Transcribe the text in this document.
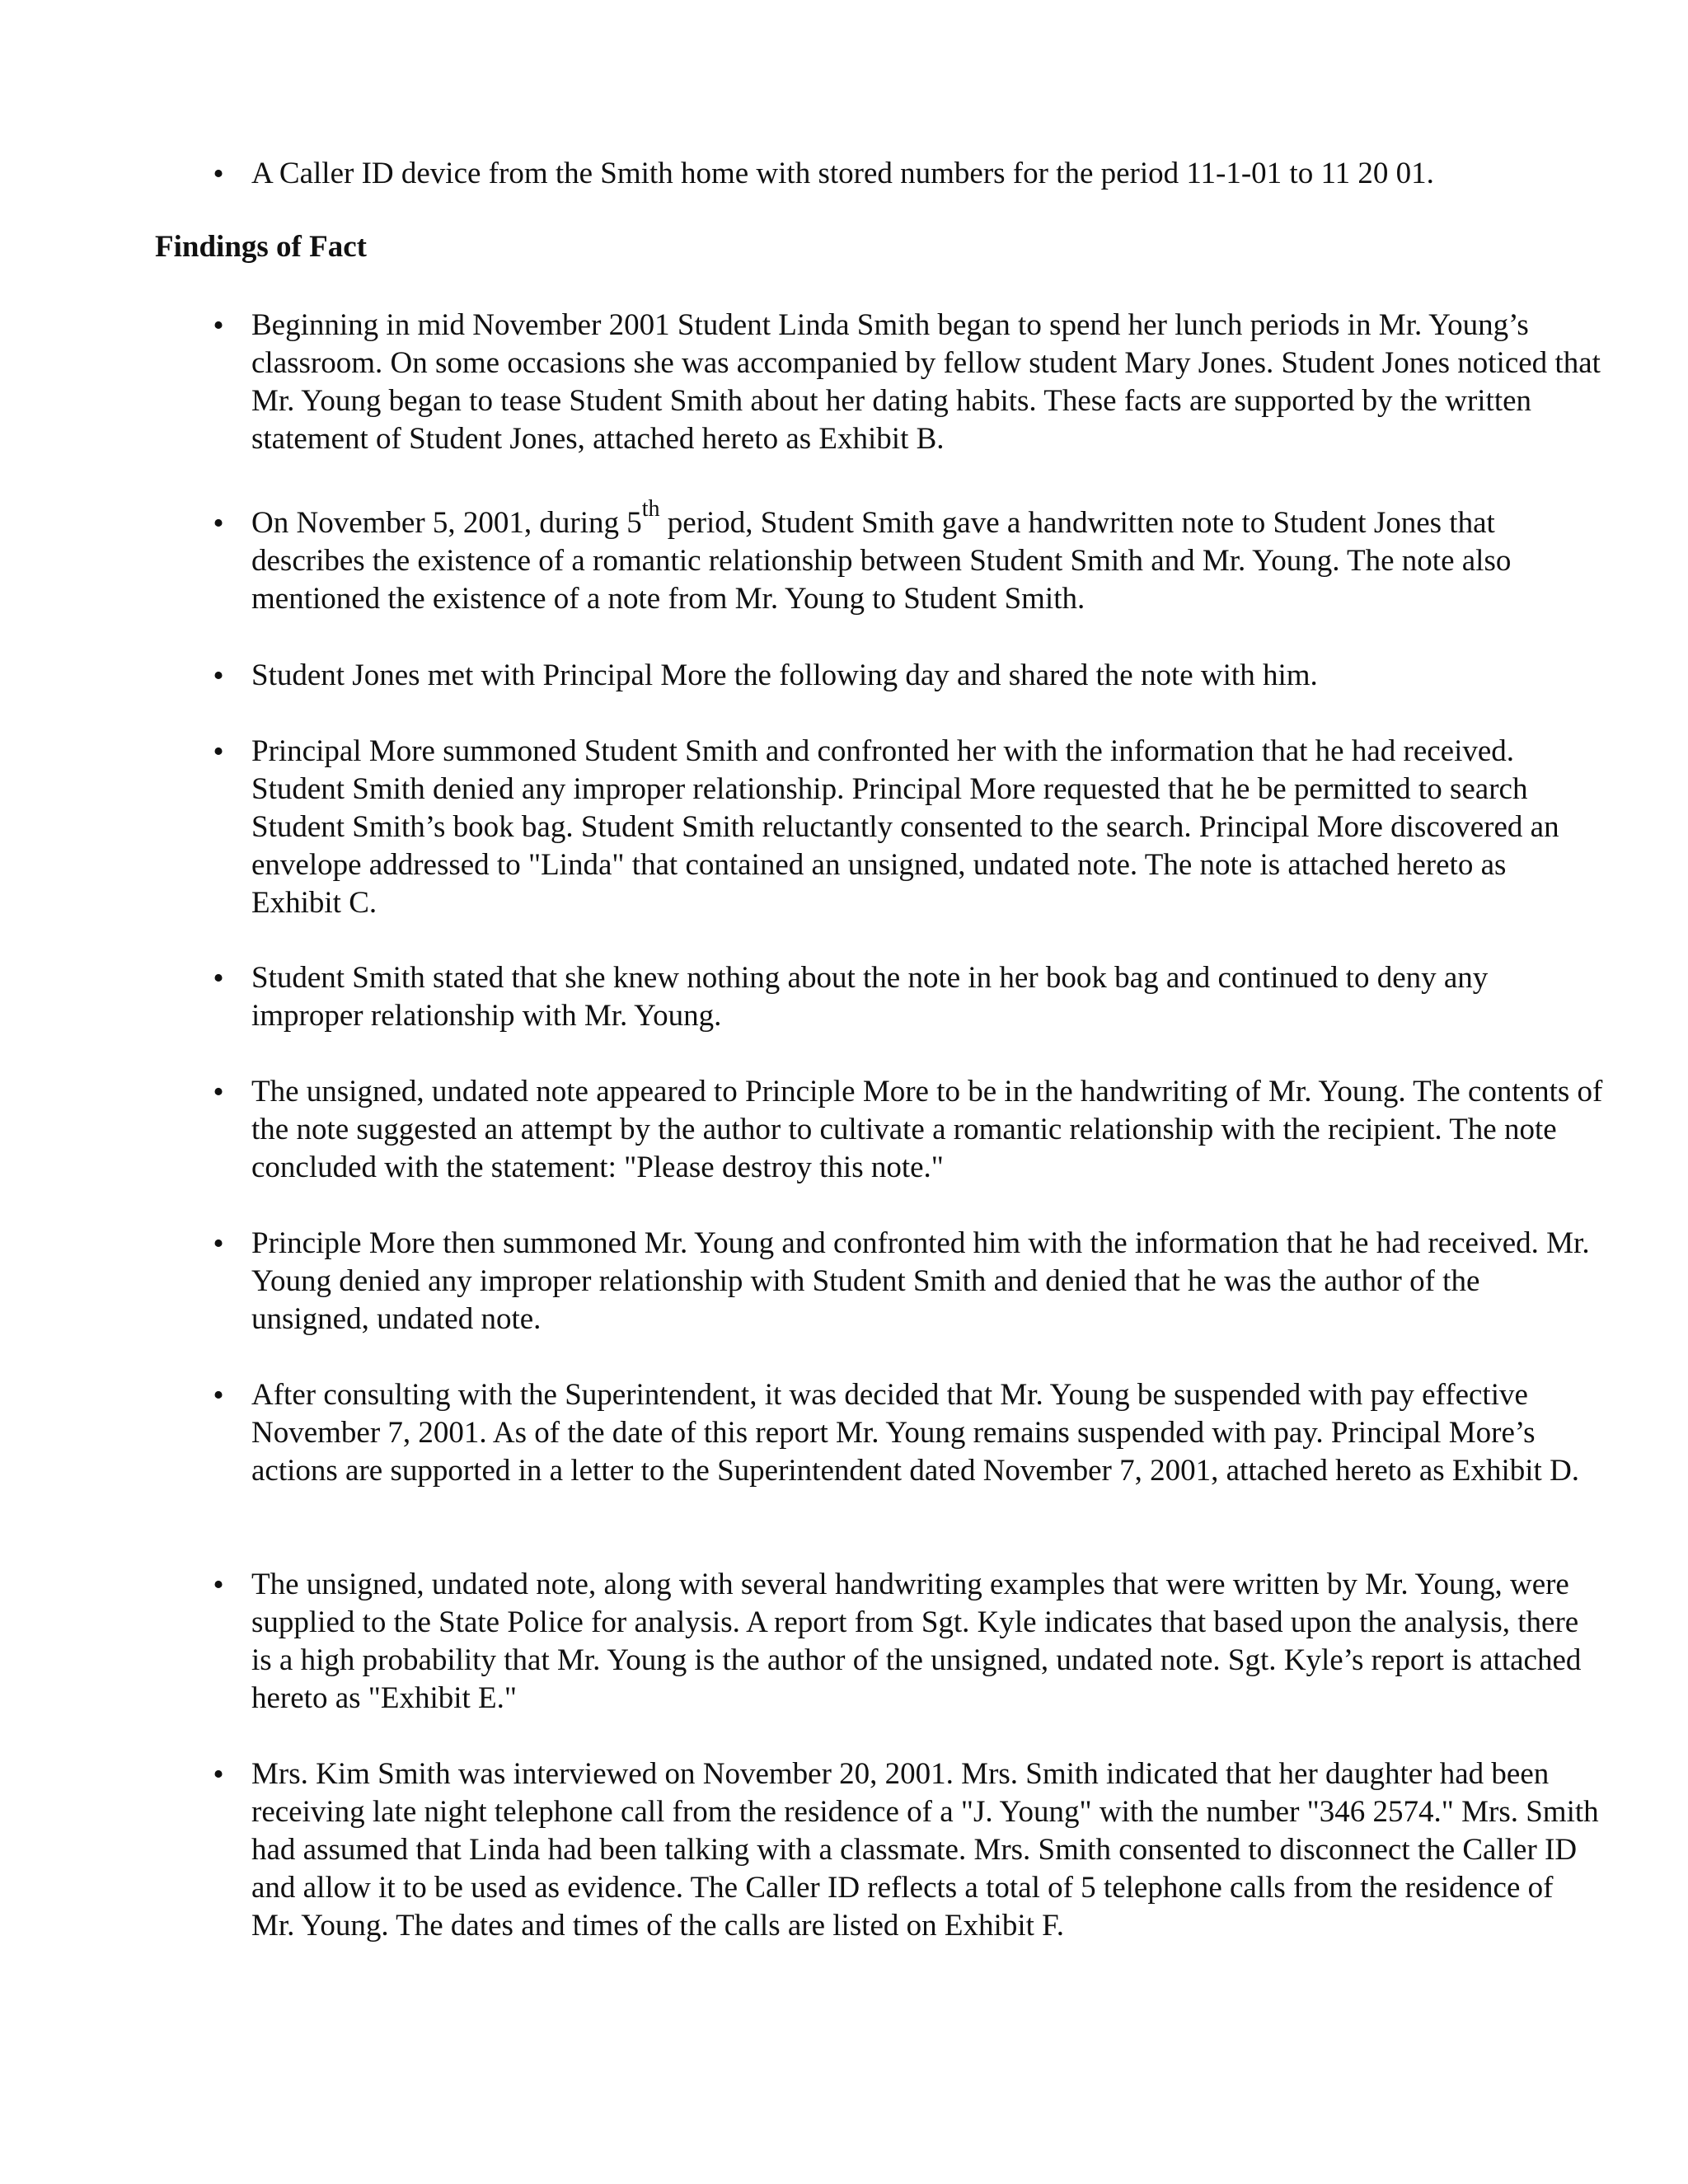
• A Caller ID device from the Smith home with stored numbers for the period 11-1-01 to 11 20 01.

Findings of Fact
• Beginning in mid November 2001 Student Linda Smith began to spend her lunch periods in Mr. Young’s classroom. On some occasions she was accompanied by fellow student Mary Jones. Student Jones noticed that Mr. Young began to tease Student Smith about her dating habits. These facts are supported by the written statement of Student Jones, attached hereto as Exhibit B.

• On November 5, 2001, during 5th period, Student Smith gave a handwritten note to Student Jones that describes the existence of a romantic relationship between Student Smith and Mr. Young. The note also mentioned the existence of a note from Mr. Young to Student Smith.

• Student Jones met with Principal More the following day and shared the note with him.

• Principal More summoned Student Smith and confronted her with the information that he had received. Student Smith denied any improper relationship. Principal More requested that he be permitted to search Student Smith’s book bag. Student Smith reluctantly consented to the search. Principal More discovered an envelope addressed to "Linda" that contained an unsigned, undated note. The note is attached hereto as Exhibit C.

• Student Smith stated that she knew nothing about the note in her book bag and continued to deny any improper relationship with Mr. Young.

• The unsigned, undated note appeared to Principle More to be in the handwriting of Mr. Young. The contents of the note suggested an attempt by the author to cultivate a romantic relationship with the recipient. The note concluded with the statement: "Please destroy this note."

• Principle More then summoned Mr. Young and confronted him with the information that he had received. Mr. Young denied any improper relationship with Student Smith and denied that he was the author of the unsigned, undated note.

• After consulting with the Superintendent, it was decided that Mr. Young be suspended with pay effective November 7, 2001. As of the date of this report Mr. Young remains suspended with pay. Principal More’s actions are supported in a letter to the Superintendent dated November 7, 2001, attached hereto as Exhibit D.

• The unsigned, undated note, along with several handwriting examples that were written by Mr. Young, were supplied to the State Police for analysis. A report from Sgt. Kyle indicates that based upon the analysis, there is a high probability that Mr. Young is the author of the unsigned, undated note. Sgt. Kyle’s report is attached hereto as "Exhibit E."

• Mrs. Kim Smith was interviewed on November 20, 2001. Mrs. Smith indicated that her daughter had been receiving late night telephone call from the residence of a "J. Young" with the number "346 2574." Mrs. Smith had assumed that Linda had been talking with a classmate. Mrs. Smith consented to disconnect the Caller ID and allow it to be used as evidence. The Caller ID reflects a total of 5 telephone calls from the residence of Mr. Young. The dates and times of the calls are listed on Exhibit F.
